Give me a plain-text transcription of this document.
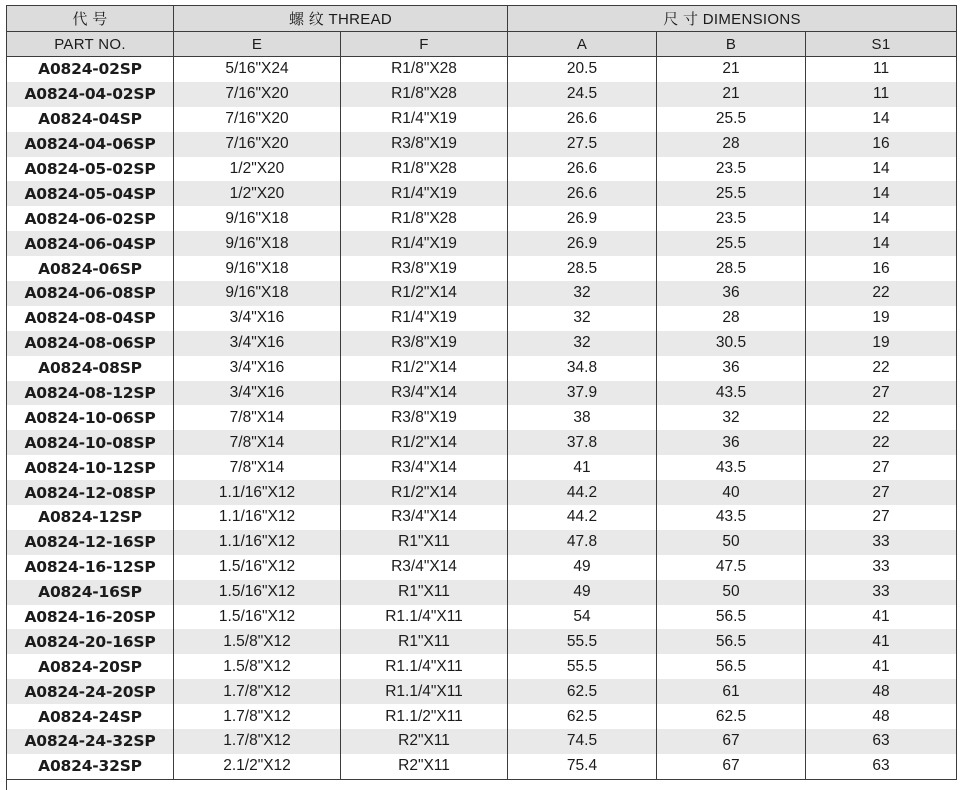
代 号	螺 纹 THREAD		尺 寸 DIMENSIONS		
PART NO.	E	F	A	B	S1
A0824-02SP	5/16"X24	R1/8"X28	20.5	21	11
A0824-04-02SP	7/16"X20	R1/8"X28	24.5	21	11
A0824-04SP	7/16"X20	R1/4"X19	26.6	25.5	14
A0824-04-06SP	7/16"X20	R3/8"X19	27.5	28	16
A0824-05-02SP	1/2"X20	R1/8"X28	26.6	23.5	14
A0824-05-04SP	1/2"X20	R1/4"X19	26.6	25.5	14
A0824-06-02SP	9/16"X18	R1/8"X28	26.9	23.5	14
A0824-06-04SP	9/16"X18	R1/4"X19	26.9	25.5	14
A0824-06SP	9/16"X18	R3/8"X19	28.5	28.5	16
A0824-06-08SP	9/16"X18	R1/2"X14	32	36	22
A0824-08-04SP	3/4"X16	R1/4"X19	32	28	19
A0824-08-06SP	3/4"X16	R3/8"X19	32	30.5	19
A0824-08SP	3/4"X16	R1/2"X14	34.8	36	22
A0824-08-12SP	3/4"X16	R3/4"X14	37.9	43.5	27
A0824-10-06SP	7/8"X14	R3/8"X19	38	32	22
A0824-10-08SP	7/8"X14	R1/2"X14	37.8	36	22
A0824-10-12SP	7/8"X14	R3/4"X14	41	43.5	27
A0824-12-08SP	1.1/16"X12	R1/2"X14	44.2	40	27
A0824-12SP	1.1/16"X12	R3/4"X14	44.2	43.5	27
A0824-12-16SP	1.1/16"X12	R1"X11	47.8	50	33
A0824-16-12SP	1.5/16"X12	R3/4"X14	49	47.5	33
A0824-16SP	1.5/16"X12	R1"X11	49	50	33
A0824-16-20SP	1.5/16"X12	R1.1/4"X11	54	56.5	41
A0824-20-16SP	1.5/8"X12	R1"X11	55.5	56.5	41
A0824-20SP	1.5/8"X12	R1.1/4"X11	55.5	56.5	41
A0824-24-20SP	1.7/8"X12	R1.1/4"X11	62.5	61	48
A0824-24SP	1.7/8"X12	R1.1/2"X11	62.5	62.5	48
A0824-24-32SP	1.7/8"X12	R2"X11	74.5	67	63
A0824-32SP	2.1/2"X12	R2"X11	75.4	67	63
